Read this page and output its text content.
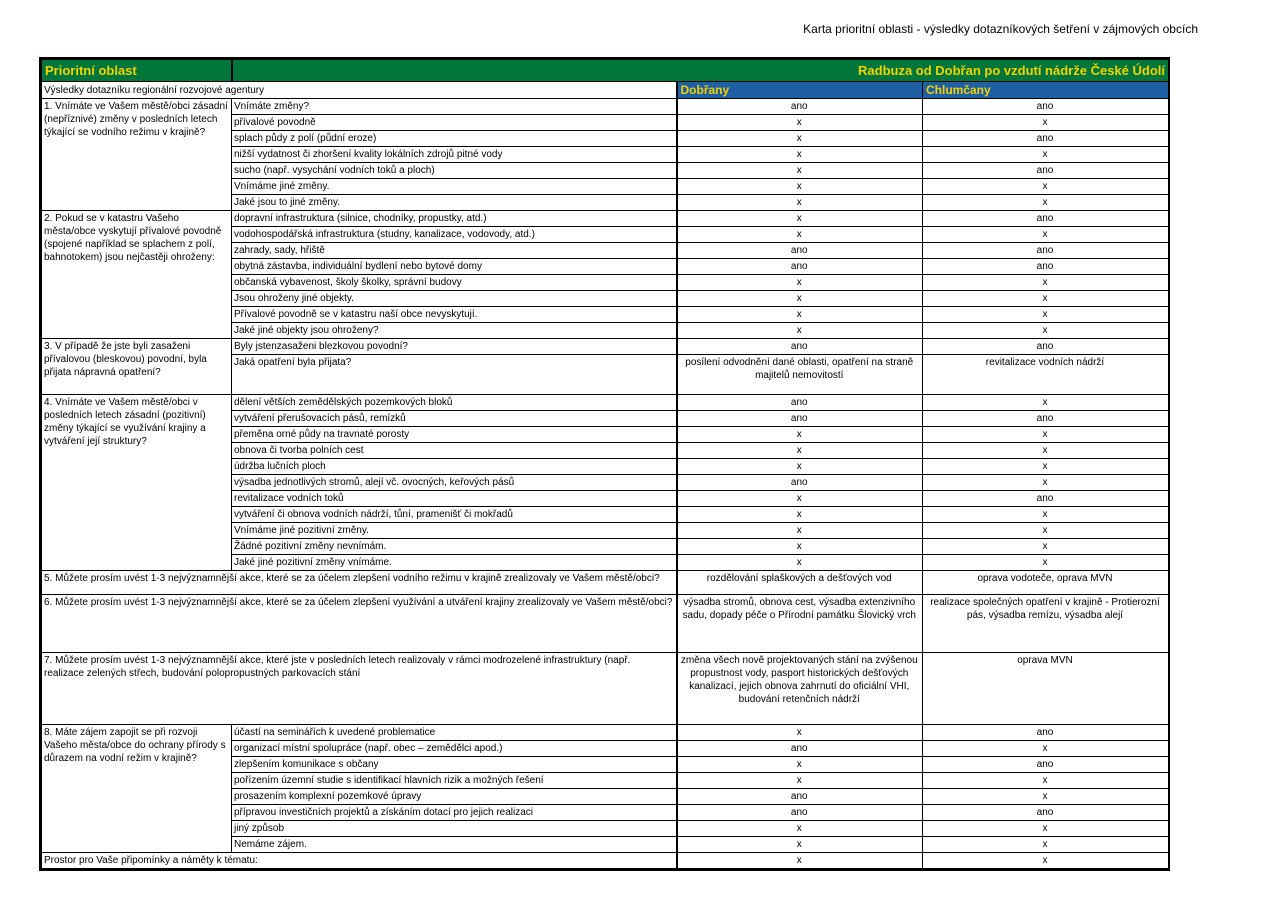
Karta prioritní oblasti - výsledky dotazníkových šetření v zájmových obcích
Prioritní oblast	Radbuza od Dobřan po vzdutí nádrže České Údolí		
Výsledky dotazníku regionální rozvojové agentury		Dobřany	Chlumčany
1. Vnímáte ve Vašem městě/obci zásadní (nepříznivé) změny v posledních letech týkající se vodního režimu v krajině?	Vnímáte změny?	ano	ano
	přívalové povodně	x	x
	splach půdy z polí (půdní eroze)	x	ano
	nižší vydatnost či zhoršení kvality lokálních zdrojů pitné vody	x	x
	sucho (např. vysychání vodních toků a ploch)	x	ano
	Vnímáme jiné změny.	x	x
	Jaké jsou to jiné změny.	x	x
2. Pokud se v katastru Vašeho města/obce vyskytují přívalové povodně (spojené například se splachem z polí, bahnotokem) jsou nejčastěji ohroženy:	dopravní infrastruktura (silnice, chodníky, propustky, atd.)	x	ano
	vodohospodářská infrastruktura (studny, kanalizace, vodovody, atd.)	x	x
	zahrady, sady, hřiště	ano	ano
	obytná zástavba, individuální bydlení nebo bytové domy	ano	ano
	občanská vybavenost, školy školky, správní budovy	x	x
	Jsou ohroženy jiné objekty.	x	x
	Přívalové povodně se v katastru naší obce nevyskytují.	x	x
	Jaké jiné objekty jsou ohroženy?	x	x
3. V případě že jste byli zasaženi přívalovou (bleskovou) povodní, byla přijata nápravná opatření?	Byly jstenzasaženi blezkovou povodní?	ano	ano
	Jaká opatření byla přijata?	posílení odvodnění dané oblasti, opatření na straně majitelů nemovitostí	revitalizace vodních nádrží
4. Vnímáte ve Vašem městě/obci v posledních letech zásadní (pozitivní) změny týkající se využívání krajiny a vytváření její struktury?	dělení větších zemědělských pozemkových bloků	ano	x
	vytváření přerušovacích pásů, remízků	ano	ano
	přeměna orné půdy na travnaté porosty	x	x
	obnova či tvorba polních cest	x	x
	údržba lučních ploch	x	x
	výsadba jednotlivých stromů, alejí vč. ovocných, keřových pásů	ano	x
	revitalizace vodních toků	x	ano
	vytváření či obnova vodních nádrží, tůní, pramenišť či mokřadů	x	x
	Vnímáme jiné pozitivní změny.	x	x
	Žádné pozitivní změny nevnímám.	x	x
	Jaké jiné pozitivní změny vnímáme.	x	x
5. Můžete prosím uvést 1-3 nejvýznamnější akce, které se za účelem zlepšení vodního režimu v krajině zrealizovaly ve Vašem městě/obci?		rozdělování splaškových a dešťových vod	oprava vodoteče, oprava MVN
6. Můžete prosím uvést 1-3 nejvýznamnější akce, které se za účelem zlepšení využívání a utváření krajiny zrealizovaly ve Vašem městě/obci?		výsadba stromů, obnova cest, výsadba extenzivního sadu, dopady péče o Přírodní památku Šlovický vrch	realizace společných opatření v krajině - Protierozní pás, výsadba remízu, výsadba alejí
7. Můžete prosím uvést 1-3 nejvýznamnější akce, které jste v posledních letech realizovaly v rámci modrozelené infrastruktury (např. realizace zelených střech, budování polopropustných parkovacích stání		změna všech nově projektovaných stání na zvýšenou propustnost vody, pasport historických dešťových kanalizací, jejich obnova zahrnutí do oficiální VHI, budování retenčních nádrží	oprava MVN
8. Máte zájem zapojit se při rozvoji Vašeho města/obce do ochrany přírody s důrazem na vodní režim v krajině?	účastí na seminářích k uvedené problematice	x	ano
	organizací místní spolupráce (např. obec – zemědělci apod.)	ano	x
	zlepšením komunikace s občany	x	ano
	pořízením územní studie s identifikací hlavních rizik a možných řešení	x	x
	prosazením komplexní pozemkové úpravy	ano	x
	přípravou investičních projektů a získáním dotací pro jejich realizaci	ano	ano
	jiný způsob	x	x
	Nemáme zájem.	x	x
Prostor pro Vaše připomínky a náměty k tématu:		x	x
